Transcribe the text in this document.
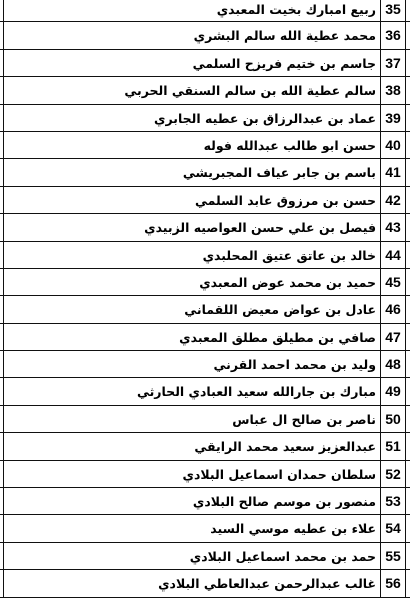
ربيع امبارك بخيت المعبدي 35
محمد عطية الله سالم البشري 36
جاسم بن ختيم فريزح السلمي 37
سالم عطية الله بن سالم السنقي الحربي 38
عماد بن عبدالرزاق بن عطيه الجابري 39
حسن ابو طالب عبدالله فوله 40
باسم بن جابر عياف المجبريشي 41
حسن بن مرزوق عابد السلمي 42
فيصل بن علي حسن العواصيه الزبيدي 43
خالد بن عاتق عتيق المحلبدي 44
حميد بن محمد عوض المعبدي 45
عادل بن عواض معيض اللقماني 46
صافي بن مطيلق مطلق المعبدي 47
وليد بن محمد احمد القرني 48
مبارك بن جارالله سعيد العبادي الحارثي 49
ناصر بن صالح ال عباس 50
عبدالعزيز سعيد محمد الرايقي 51
سلطان حمدان اسماعيل البلادي 52
منصور بن موسم صالح البلادي 53
علاء بن عطيه موسي السيد 54
حمد بن محمد اسماعيل البلادي 55
غالب عبدالرحمن عبدالعاطي البلادي 56
